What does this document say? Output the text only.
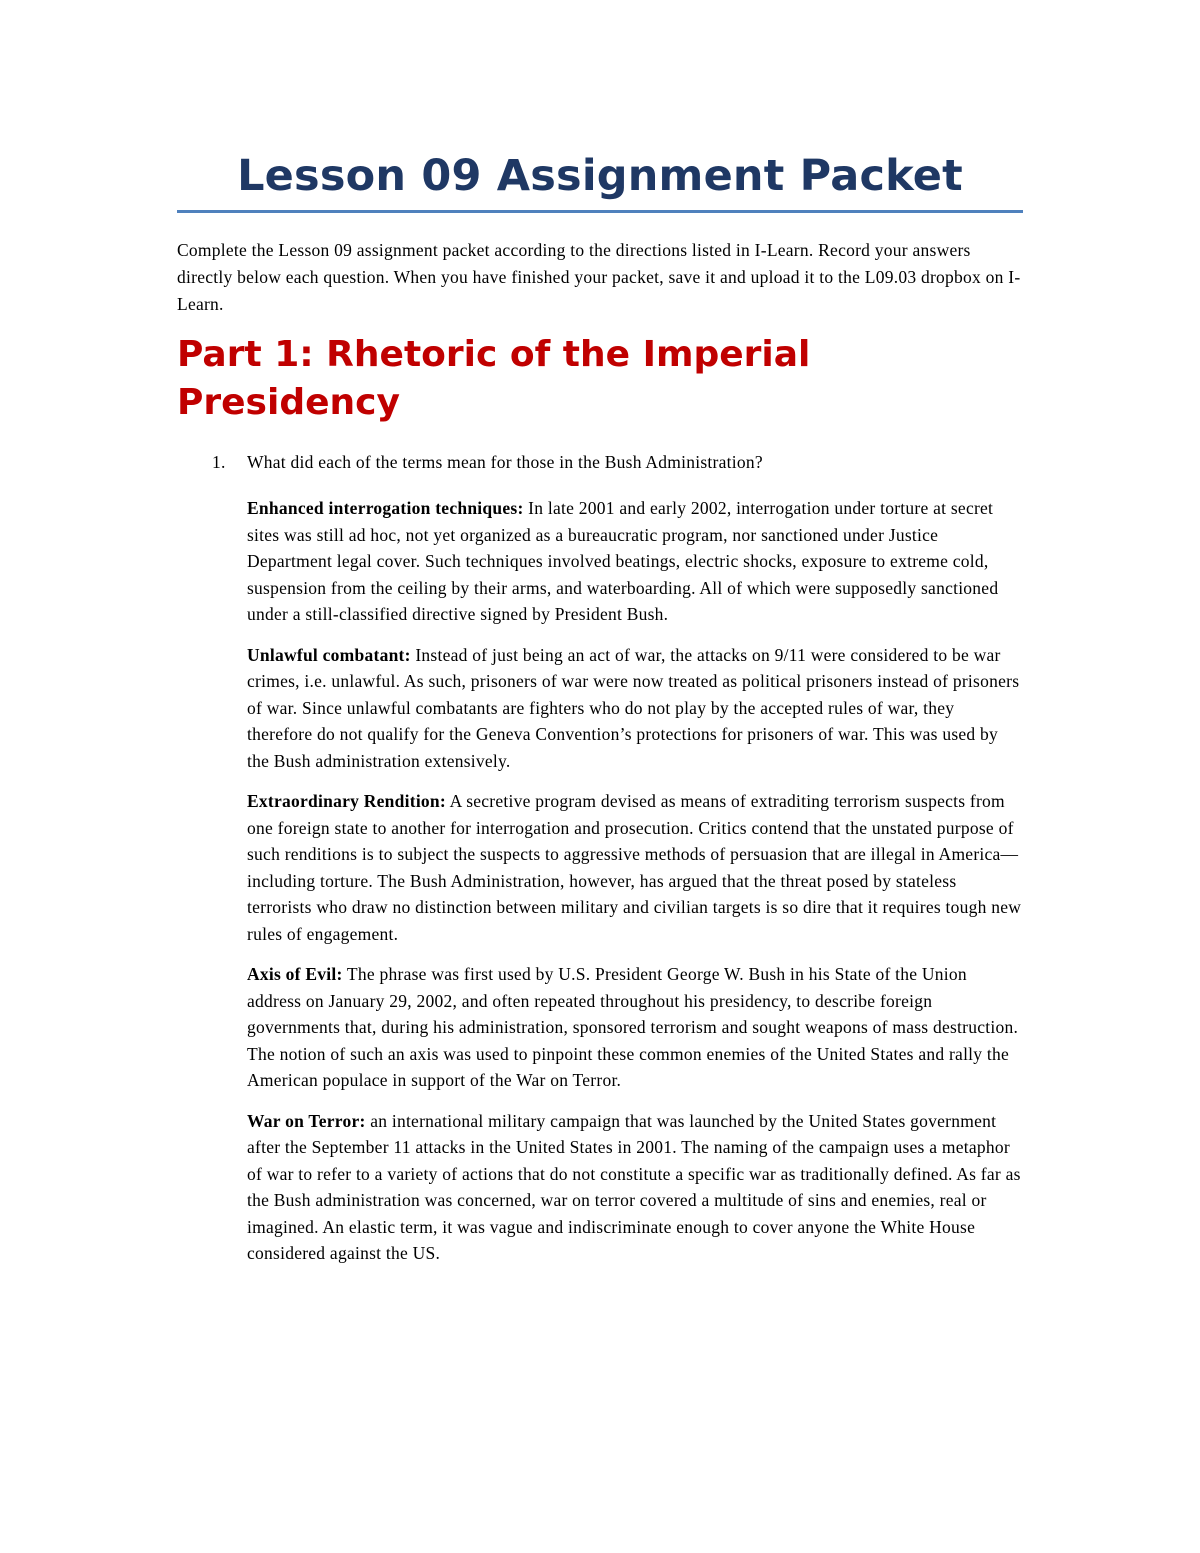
Lesson 09 Assignment Packet

Complete the Lesson 09 assignment packet according to the directions listed in I-Learn. Record your answers directly below each question. When you have finished your packet, save it and upload it to the L09.03 dropbox on I-Learn.

Part 1: Rhetoric of the Imperial Presidency
1.	What did each of the terms mean for those in the Bush Administration?

Enhanced interrogation techniques: In late 2001 and early 2002, interrogation under torture at secret sites was still ad hoc, not yet organized as a bureaucratic program, nor sanctioned under Justice Department legal cover. Such techniques involved beatings, electric shocks, exposure to extreme cold, suspension from the ceiling by their arms, and waterboarding. All of which were supposedly sanctioned under a still-classified directive signed by President Bush.

Unlawful combatant: Instead of just being an act of war, the attacks on 9/11 were considered to be war crimes, i.e. unlawful. As such, prisoners of war were now treated as political prisoners instead of prisoners of war. Since unlawful combatants are fighters who do not play by the accepted rules of war, they therefore do not qualify for the Geneva Convention’s protections for prisoners of war. This was used by the Bush administration extensively.

Extraordinary Rendition: A secretive program devised as means of extraditing terrorism suspects from one foreign state to another for interrogation and prosecution. Critics contend that the unstated purpose of such renditions is to subject the suspects to aggressive methods of persuasion that are illegal in America—including torture. The Bush Administration, however, has argued that the threat posed by stateless terrorists who draw no distinction between military and civilian targets is so dire that it requires tough new rules of engagement.

Axis of Evil: The phrase was first used by U.S. President George W. Bush in his State of the Union address on January 29, 2002, and often repeated throughout his presidency, to describe foreign governments that, during his administration, sponsored terrorism and sought weapons of mass destruction. The notion of such an axis was used to pinpoint these common enemies of the United States and rally the American populace in support of the War on Terror.

War on Terror: an international military campaign that was launched by the United States government after the September 11 attacks in the United States in 2001. The naming of the campaign uses a metaphor of war to refer to a variety of actions that do not constitute a specific war as traditionally defined. As far as the Bush administration was concerned, war on terror covered a multitude of sins and enemies, real or imagined. An elastic term, it was vague and indiscriminate enough to cover anyone the White House considered against the US.
